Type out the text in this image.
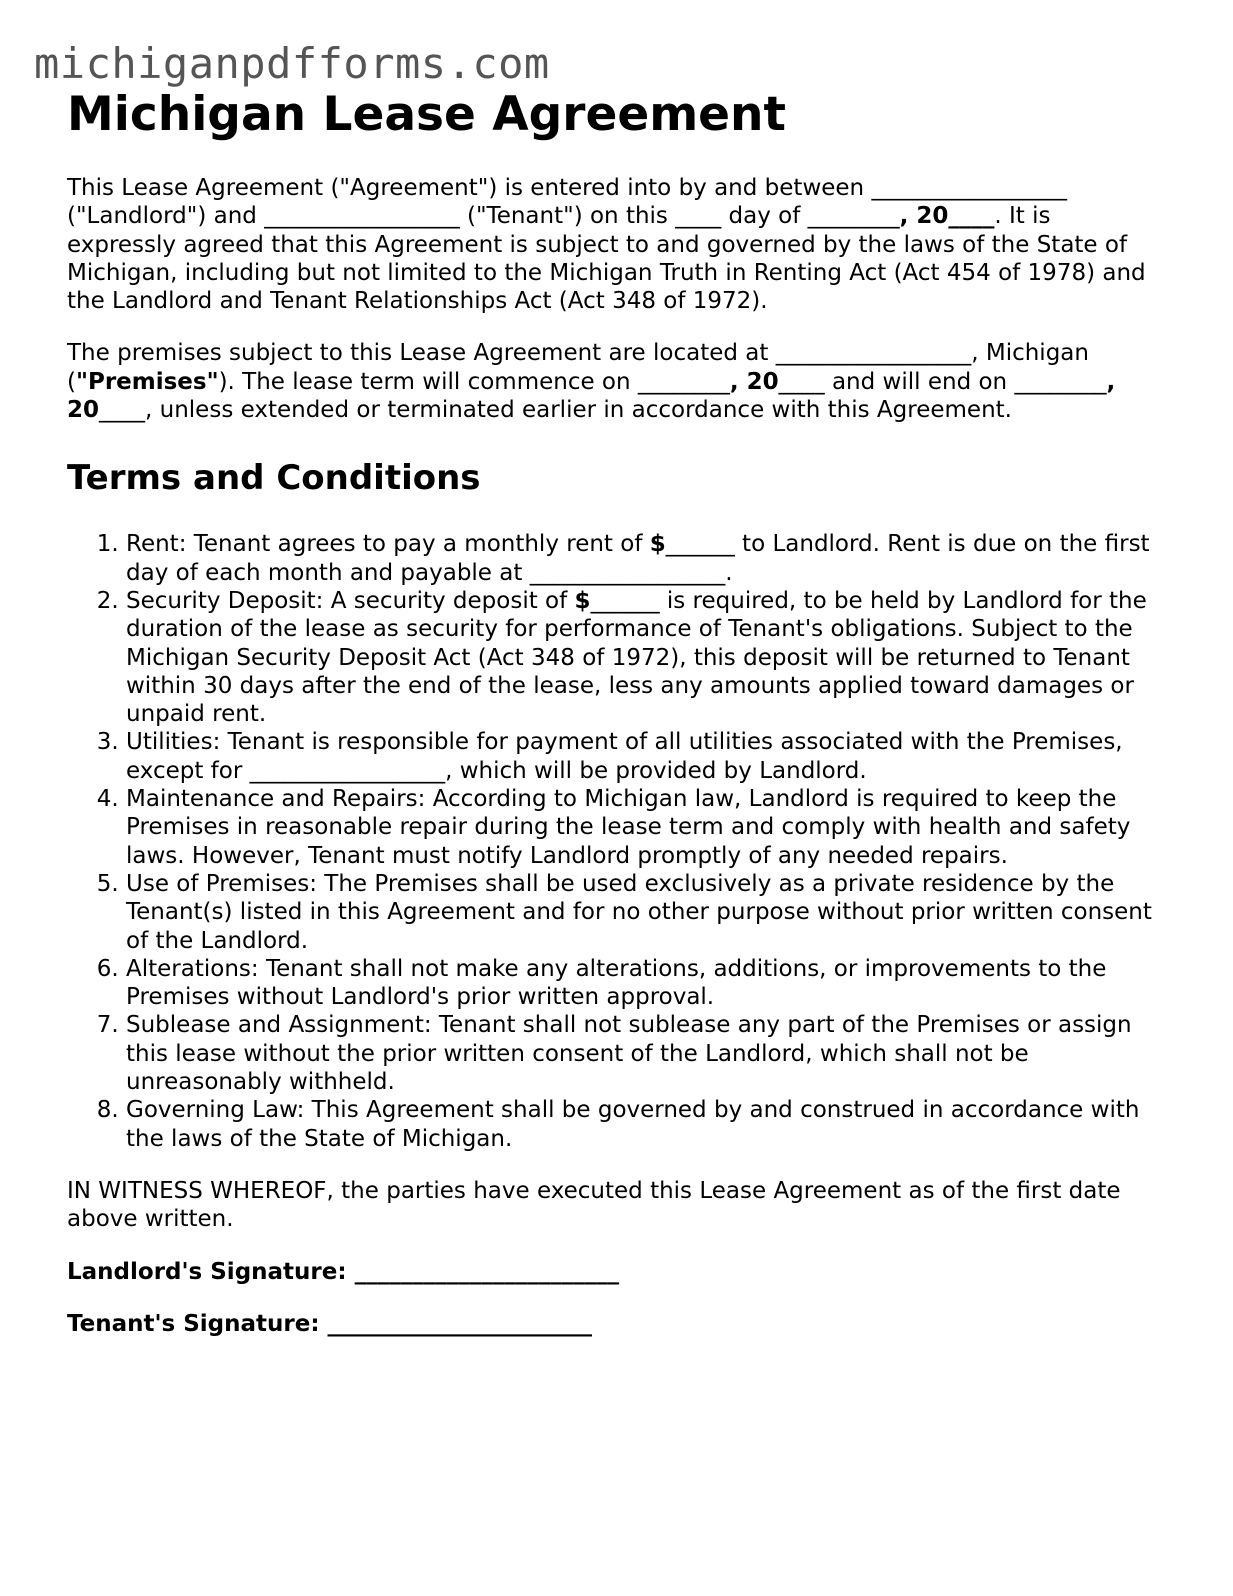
michiganpdfforms.com
Michigan Lease Agreement

This Lease Agreement ("Agreement") is entered into by and between _________________ ("Landlord") and _________________ ("Tenant") on this ____ day of ________, 20____. It is expressly agreed that this Agreement is subject to and governed by the laws of the State of Michigan, including but not limited to the Michigan Truth in Renting Act (Act 454 of 1978) and the Landlord and Tenant Relationships Act (Act 348 of 1972).

The premises subject to this Lease Agreement are located at _________________, Michigan ("Premises"). The lease term will commence on ________, 20____ and will end on ________, 20____, unless extended or terminated earlier in accordance with this Agreement.

Terms and Conditions
1. Rent: Tenant agrees to pay a monthly rent of $______ to Landlord. Rent is due on the first day of each month and payable at _________________.
2. Security Deposit: A security deposit of $______ is required, to be held by Landlord for the duration of the lease as security for performance of Tenant's obligations. Subject to the Michigan Security Deposit Act (Act 348 of 1972), this deposit will be returned to Tenant within 30 days after the end of the lease, less any amounts applied toward damages or unpaid rent.
3. Utilities: Tenant is responsible for payment of all utilities associated with the Premises, except for _________________, which will be provided by Landlord.
4. Maintenance and Repairs: According to Michigan law, Landlord is required to keep the Premises in reasonable repair during the lease term and comply with health and safety laws. However, Tenant must notify Landlord promptly of any needed repairs.
5. Use of Premises: The Premises shall be used exclusively as a private residence by the Tenant(s) listed in this Agreement and for no other purpose without prior written consent of the Landlord.
6. Alterations: Tenant shall not make any alterations, additions, or improvements to the Premises without Landlord's prior written approval.
7. Sublease and Assignment: Tenant shall not sublease any part of the Premises or assign this lease without the prior written consent of the Landlord, which shall not be unreasonably withheld.
8. Governing Law: This Agreement shall be governed by and construed in accordance with the laws of the State of Michigan.

IN WITNESS WHEREOF, the parties have executed this Lease Agreement as of the first date above written.

Landlord's Signature: _______________________

Tenant's Signature: _______________________
